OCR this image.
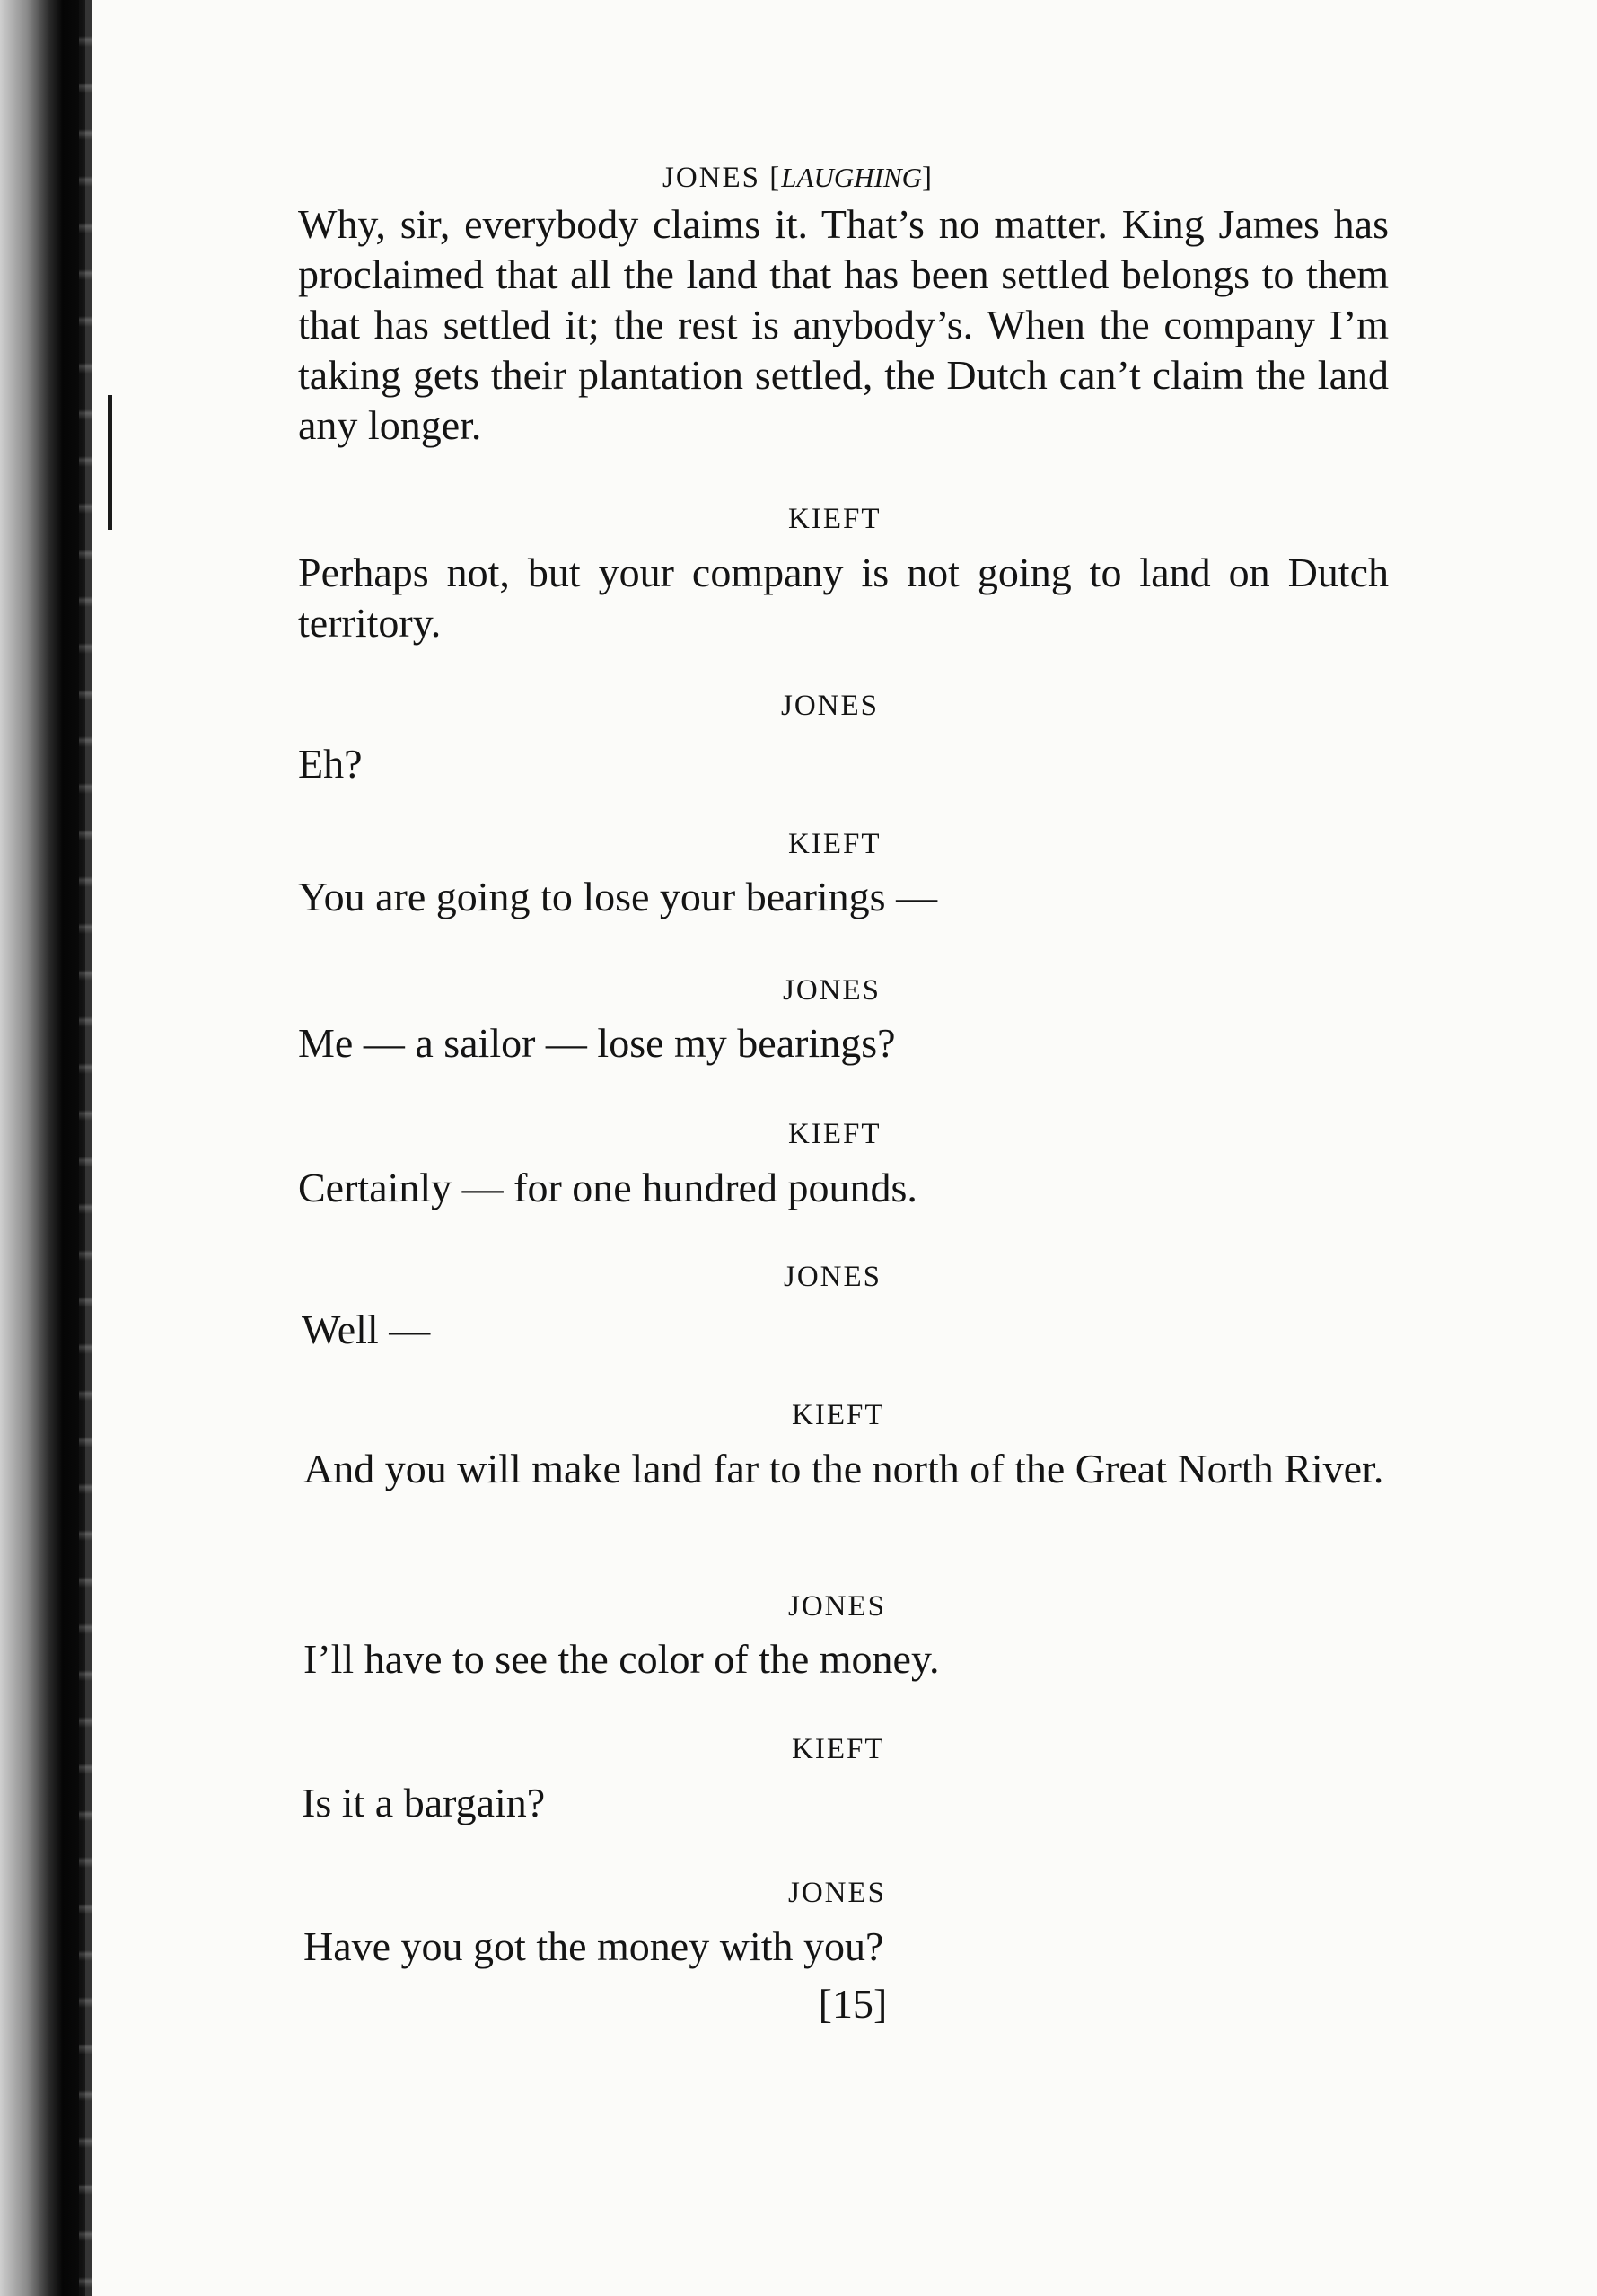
JONES [laughing]
Why, sir, everybody claims it. That’s no matter. King James has proclaimed that all the land that has been settled belongs to them that has settled it; the rest is anybody’s. When the company I’m taking gets their plantation settled, the Dutch can’t claim the land any longer.
KIEFT
Perhaps not, but your company is not going to land on Dutch territory.
JONES
Eh?
KIEFT
You are going to lose your bearings —
JONES
Me — a sailor — lose my bearings?
KIEFT
Certainly — for one hundred pounds.
JONES
Well —
KIEFT
And you will make land far to the north of the Great North River.
JONES
I’ll have to see the color of the money.
KIEFT
Is it a bargain?
JONES
Have you got the money with you?
[15]
